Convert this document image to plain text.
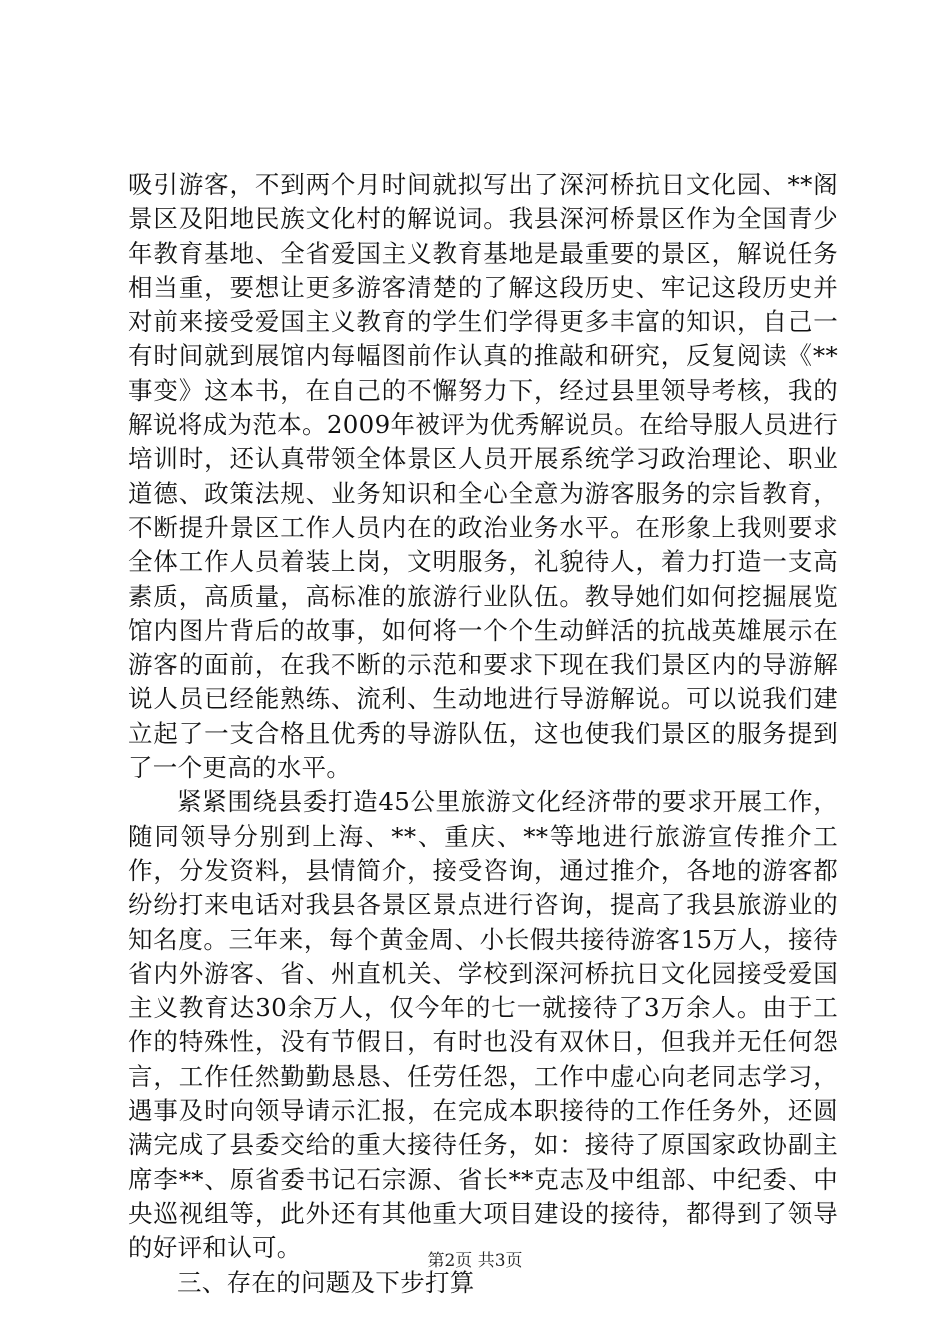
吸引游客，不到两个月时间就拟写出了深河桥抗日文化园、**阁景区及阳地民族文化村的解说词。我县深河桥景区作为全国青少年教育基地、全省爱国主义教育基地是最重要的景区，解说任务相当重，要想让更多游客清楚的了解这段历史、牢记这段历史并对前来接受爱国主义教育的学生们学得更多丰富的知识，自己一有时间就到展馆内每幅图前作认真的推敲和研究，反复阅读《**事变》这本书，在自己的不懈努力下，经过县里领导考核，我的解说将成为范本。2009年被评为优秀解说员。在给导服人员进行培训时，还认真带领全体景区人员开展系统学习政治理论、职业道德、政策法规、业务知识和全心全意为游客服务的宗旨教育，不断提升景区工作人员内在的政治业务水平。在形象上我则要求全体工作人员着装上岗，文明服务，礼貌待人，着力打造一支高素质，高质量，高标准的旅游行业队伍。教导她们如何挖掘展览馆内图片背后的故事，如何将一个个生动鲜活的抗战英雄展示在游客的面前，在我不断的示范和要求下现在我们景区内的导游解说人员已经能熟练、流利、生动地进行导游解说。可以说我们建立起了一支合格且优秀的导游队伍，这也使我们景区的服务提到了一个更高的水平。

紧紧围绕县委打造45公里旅游文化经济带的要求开展工作，随同领导分别到上海、**、重庆、**等地进行旅游宣传推介工作，分发资料，县情简介，接受咨询，通过推介，各地的游客都纷纷打来电话对我县各景区景点进行咨询，提高了我县旅游业的知名度。三年来，每个黄金周、小长假共接待游客15万人，接待省内外游客、省、州直机关、学校到深河桥抗日文化园接受爱国主义教育达30余万人，仅今年的七一就接待了3万余人。由于工作的特殊性，没有节假日，有时也没有双休日，但我并无任何怨言，工作任然勤勤恳恳、任劳任怨，工作中虚心向老同志学习，遇事及时向领导请示汇报，在完成本职接待的工作任务外，还圆满完成了县委交给的重大接待任务，如：接待了原国家政协副主席李**、原省委书记石宗源、省长**克志及中组部、中纪委、中央巡视组等，此外还有其他重大项目建设的接待，都得到了领导的好评和认可。

三、存在的问题及下步打算

第2页 共3页
